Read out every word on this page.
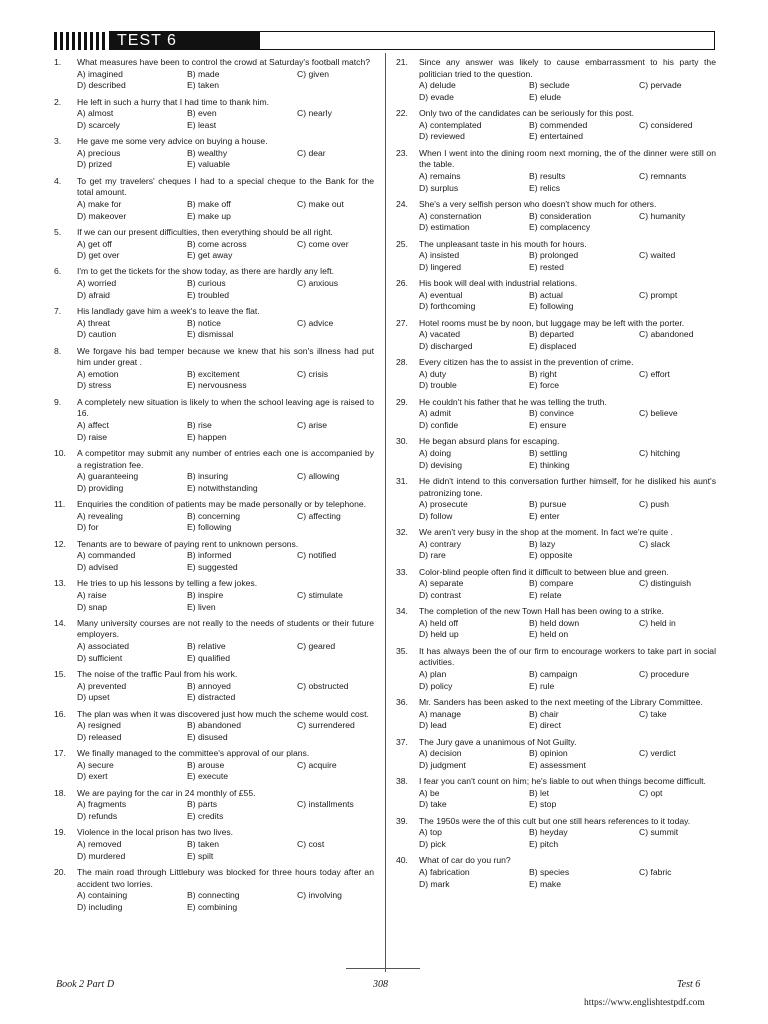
TEST 6
1. What measures have been to control the crowd at Saturday's football match?
A) imagined	B) made	C) given
D) described	E) taken
2. He left in such a hurry that I had time to thank him.
A) almost	B) even	C) nearly
D) scarcely	E) least
3. He gave me some very advice on buying a house.
A) precious	B) wealthy	C) dear
D) prized	E) valuable
4. To get my travelers' cheques I had to a special cheque to the Bank for the total amount.
A) make for	B) make off	C) make out
D) makeover	E) make up
5. If we can our present difficulties, then everything should be all right.
A) get off	B) come across	C) come over
D) get over	E) get away
6. I'm to get the tickets for the show today, as there are hardly any left.
A) worried	B) curious	C) anxious
D) afraid	E) troubled
7. His landlady gave him a week's to leave the flat.
A) threat	B) notice	C) advice
D) caution	E) dismissal
8. We forgave his bad temper because we knew that his son's illness had put him under great .
A) emotion	B) excitement	C) crisis
D) stress	E) nervousness
9. A completely new situation is likely to when the school leaving age is raised to 16.
A) affect	B) rise	C) arise
D) raise	E) happen
10. A competitor may submit any number of entries each one is accompanied by a registration fee.
A) guaranteeing	B) insuring	C) allowing
D) providing	E) notwithstanding
11. Enquiries the condition of patients may be made personally or by telephone.
A) revealing	B) concerning	C) affecting
D) for	E) following
12. Tenants are to beware of paying rent to unknown persons.
A) commanded	B) informed	C) notified
D) advised	E) suggested
13. He tries to up his lessons by telling a few jokes.
A) raise	B) inspire	C) stimulate
D) snap	E) liven
14. Many university courses are not really to the needs of students or their future employers.
A) associated	B) relative	C) geared
D) sufficient	E) qualified
15. The noise of the traffic Paul from his work.
A) prevented	B) annoyed	C) obstructed
D) upset	E) distracted
16. The plan was when it was discovered just how much the scheme would cost.
A) resigned	B) abandoned	C) surrendered
D) released	E) disused
17. We finally managed to the committee's approval of our plans.
A) secure	B) arouse	C) acquire
D) exert	E) execute
18. We are paying for the car in 24 monthly of £55.
A) fragments	B) parts	C) installments
D) refunds	E) credits
19. Violence in the local prison has two lives.
A) removed	B) taken	C) cost
D) murdered	E) spilt
20. The main road through Littlebury was blocked for three hours today after an accident two lorries.
A) containing	B) connecting	C) involving
D) including	E) combining
21. Since any answer was likely to cause embarrassment to his party the politician tried to the question.
A) delude	B) seclude	C) pervade
D) evade	E) elude
22. Only two of the candidates can be seriously for this post.
A) contemplated	B) commended	C) considered
D) reviewed	E) entertained
23. When I went into the dining room next morning, the of the dinner were still on the table.
A) remains	B) results	C) remnants
D) surplus	E) relics
24. She's a very selfish person who doesn't show much for others.
A) consternation	B) consideration	C) humanity
D) estimation	E) complacency
25. The unpleasant taste in his mouth for hours.
A) insisted	B) prolonged	C) waited
D) lingered	E) rested
26. His book will deal with industrial relations.
A) eventual	B) actual	C) prompt
D) forthcoming	E) following
27. Hotel rooms must be by noon, but luggage may be left with the porter.
A) vacated	B) departed	C) abandoned
D) discharged	E) displaced
28. Every citizen has the to assist in the prevention of crime.
A) duty	B) right	C) effort
D) trouble	E) force
29. He couldn't his father that he was telling the truth.
A) admit	B) convince	C) believe
D) confide	E) ensure
30. He began absurd plans for escaping.
A) doing	B) settling	C) hitching
D) devising	E) thinking
31. He didn't intend to this conversation further himself, for he disliked his aunt's patronizing tone.
A) prosecute	B) pursue	C) push
D) follow	E) enter
32. We aren't very busy in the shop at the moment. In fact we're quite .
A) contrary	B) lazy	C) slack
D) rare	E) opposite
33. Color-blind people often find it difficult to between blue and green.
A) separate	B) compare	C) distinguish
D) contrast	E) relate
34. The completion of the new Town Hall has been owing to a strike.
A) held off	B) held down	C) held in
D) held up	E) held on
35. It has always been the of our firm to encourage workers to take part in social activities.
A) plan	B) campaign	C) procedure
D) policy	E) rule
36. Mr. Sanders has been asked to the next meeting of the Library Committee.
A) manage	B) chair	C) take
D) lead	E) direct
37. The Jury gave a unanimous of Not Guilty.
A) decision	B) opinion	C) verdict
D) judgment	E) assessment
38. I fear you can't count on him; he's liable to out when things become difficult.
A) be	B) let	C) opt
D) take	E) stop
39. The 1950s were the of this cult but one still hears references to it today.
A) top	B) heyday	C) summit
D) pick	E) pitch
40. What of car do you run?
A) fabrication	B) species	C) fabric
D) mark	E) make
Book 2 Part D	308	Test 6
https://www.englishtestpdf.com
